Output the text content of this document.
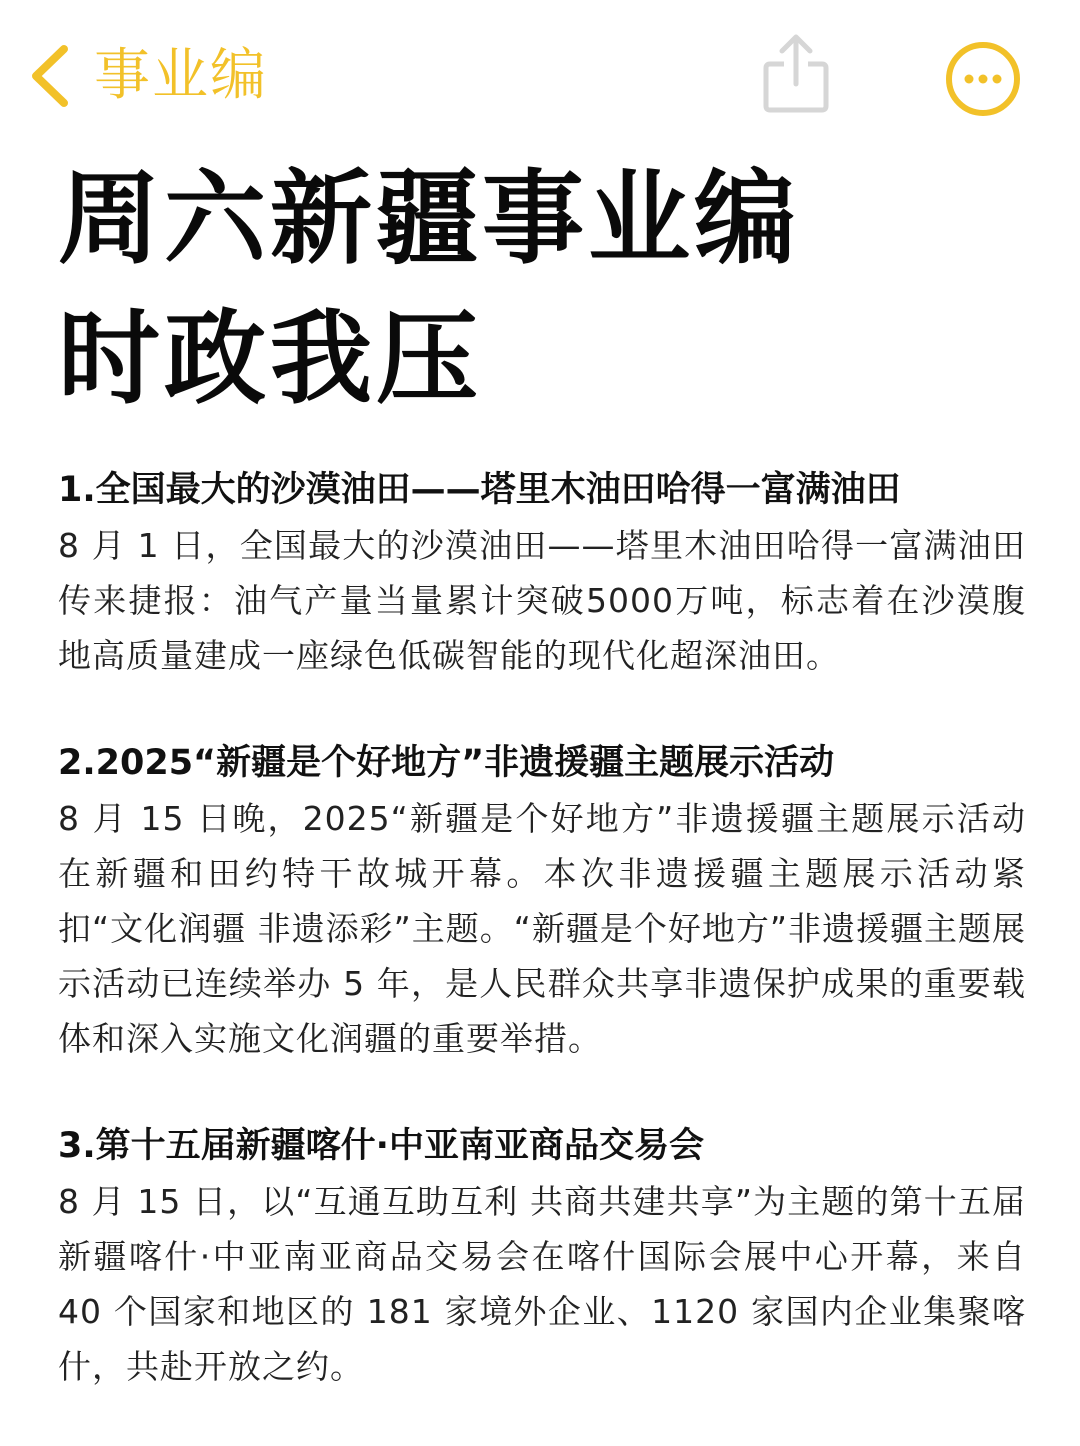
事业编
周六新疆事业编
时政我压

1.全国最大的沙漠油田——塔里木油田哈得一富满油田

8 月 1 日，全国最大的沙漠油田——塔里木油田哈得一富满油田传来捷报：油气产量当量累计突破5000万吨，标志着在沙漠腹地高质量建成一座绿色低碳智能的现代化超深油田。

2.2025“新疆是个好地方”非遗援疆主题展示活动

8 月 15 日晚，2025“新疆是个好地方”非遗援疆主题展示活动在新疆和田约特干故城开幕。本次非遗援疆主题展示活动紧扣“文化润疆 非遗添彩”主题。“新疆是个好地方”非遗援疆主题展示活动已连续举办 5 年，是人民群众共享非遗保护成果的重要载体和深入实施文化润疆的重要举措。

3.第十五届新疆喀什·中亚南亚商品交易会

8 月 15 日，以“互通互助互利 共商共建共享”为主题的第十五届新疆喀什·中亚南亚商品交易会在喀什国际会展中心开幕，来自 40 个国家和地区的 181 家境外企业、1120 家国内企业集聚喀什，共赴开放之约。
